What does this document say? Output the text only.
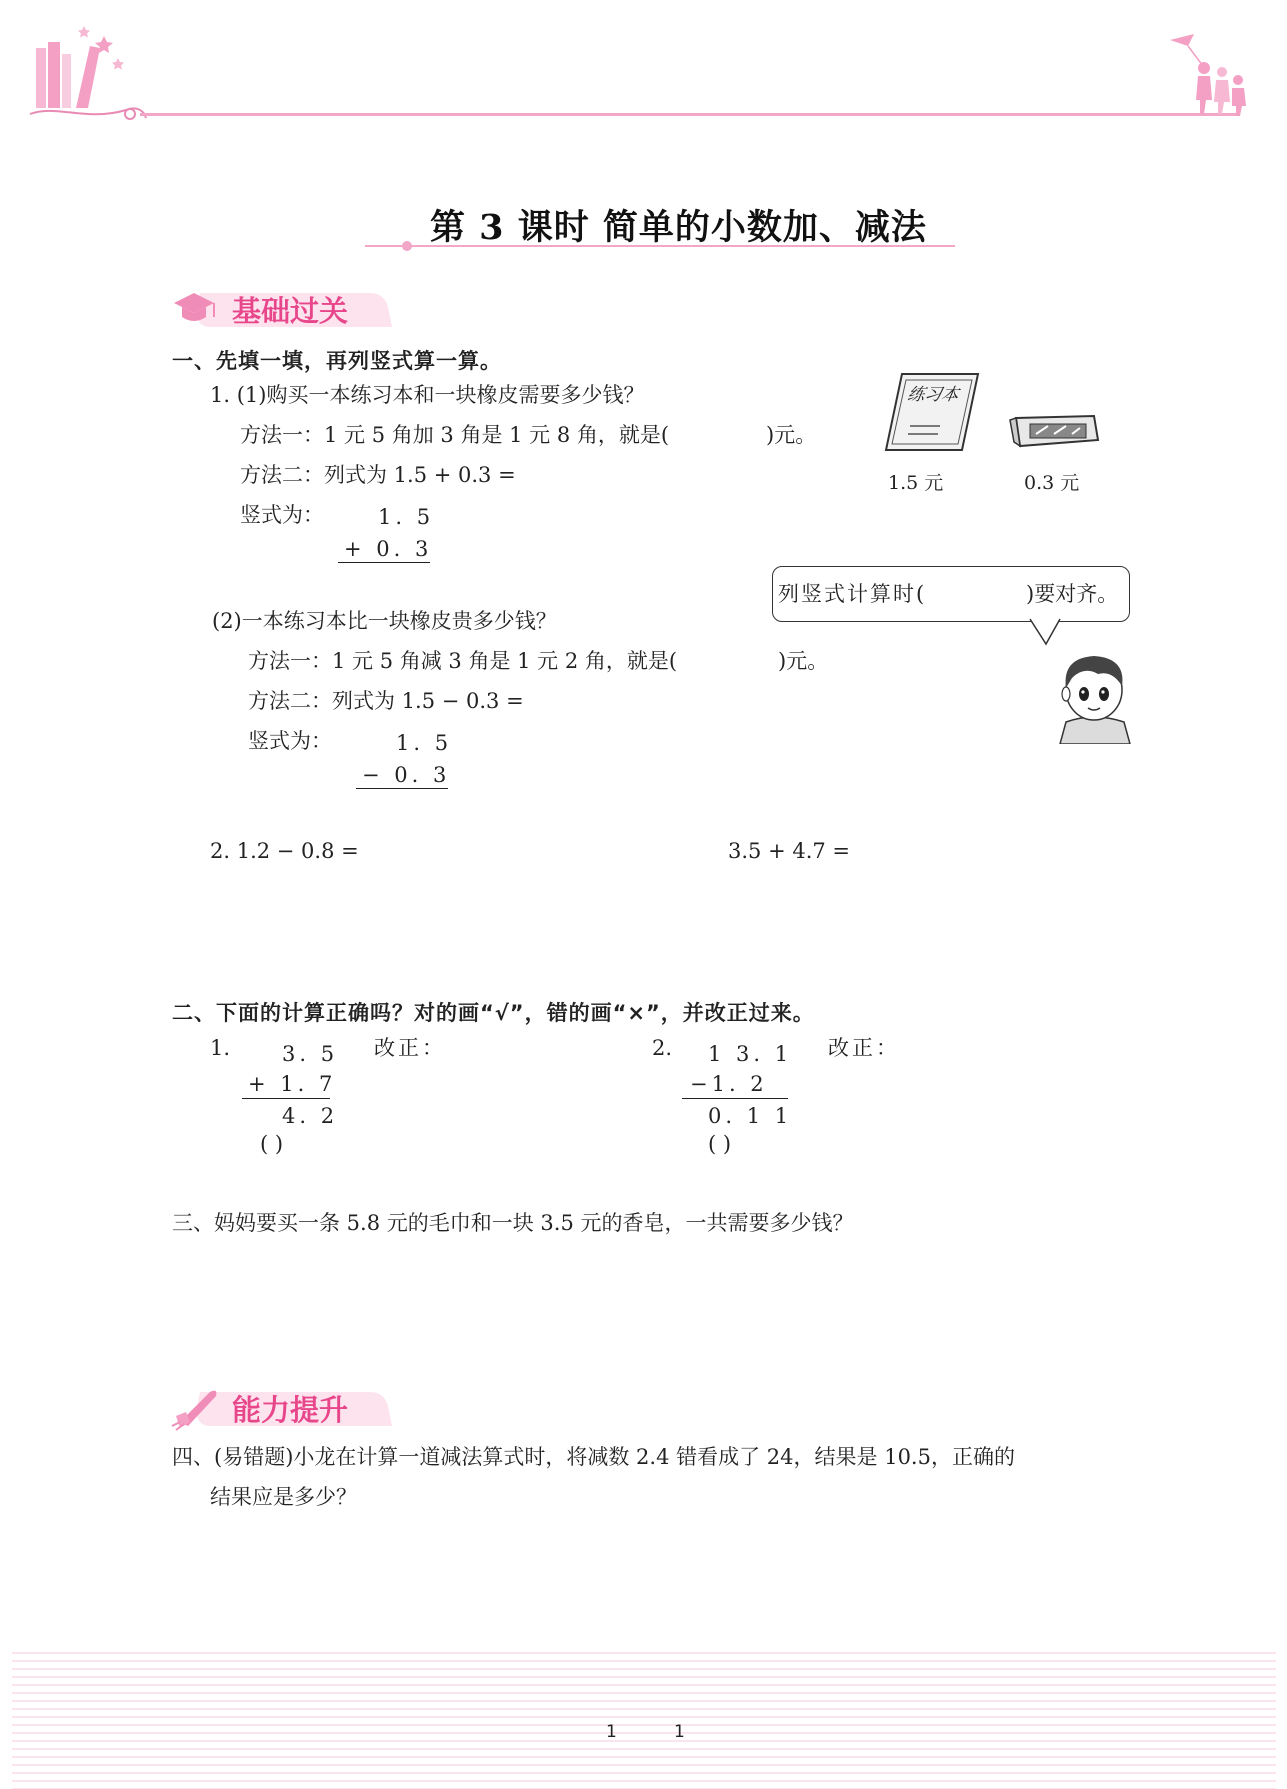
第 3 课时 简单的小数加、减法
基础过关
一、先填一填，再列竖式算一算。
1. (1)购买一本练习本和一块橡皮需要多少钱？
方法一：1 元 5 角加 3 角是 1 元 8 角，就是(	)元。
方法二：列式为 1.5 + 0.3 =
竖式为：	1. 5
+ 0. 3
练习本
1.5 元	0.3 元
列竖式计算时(	)要对齐。
(2)一本练习本比一块橡皮贵多少钱？
方法一：1 元 5 角减 3 角是 1 元 2 角，就是(	)元。
方法二：列式为 1.5 − 0.3 =
竖式为：	1. 5
− 0. 3
2. 1.2 − 0.8 =	3.5 + 4.7 =
二、下面的计算正确吗？对的画“√”，错的画“×”，并改正过来。
1. 3. 5
+ 1. 7
4. 2
( )
改正：	2. 1 3. 1
−1. 2
0. 1 1
( )
改正：
三、妈妈要买一条 5.8 元的毛巾和一块 3.5 元的香皂，一共需要多少钱？
能力提升
四、(易错题)小龙在计算一道减法算式时，将减数 2.4 错看成了 24，结果是 10.5，正确的
结果应是多少？
1	1
